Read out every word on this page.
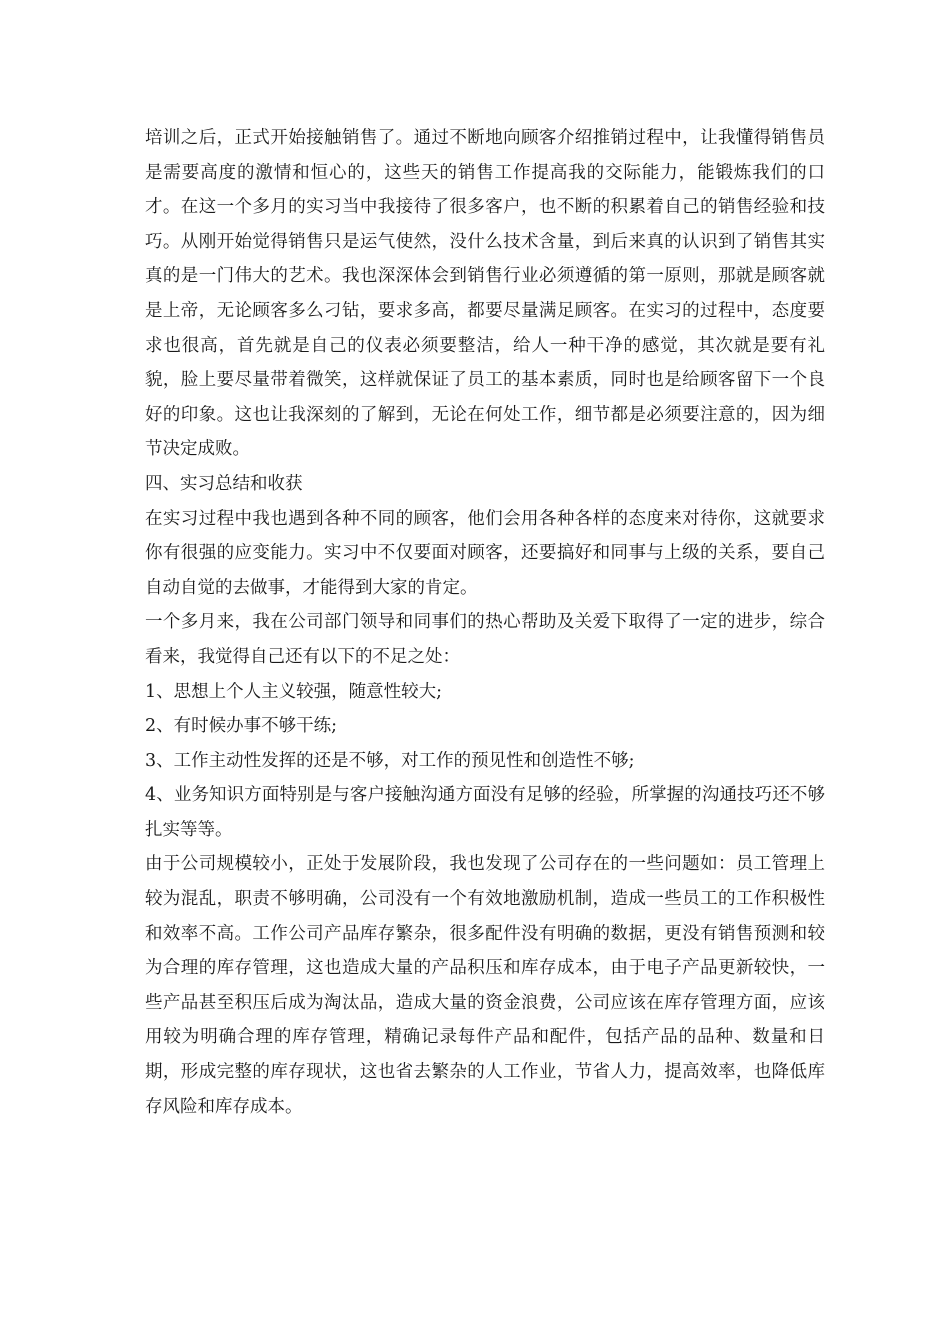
培训之后，正式开始接触销售了。通过不断地向顾客介绍推销过程中，让我懂得销售员是需要高度的激情和恒心的，这些天的销售工作提高我的交际能力，能锻炼我们的口才。在这一个多月的实习当中我接待了很多客户，也不断的积累着自己的销售经验和技巧。从刚开始觉得销售只是运气使然，没什么技术含量，到后来真的认识到了销售其实真的是一门伟大的艺术。我也深深体会到销售行业必须遵循的第一原则，那就是顾客就是上帝，无论顾客多么刁钻，要求多高，都要尽量满足顾客。在实习的过程中，态度要求也很高，首先就是自己的仪表必须要整洁，给人一种干净的感觉，其次就是要有礼貌，脸上要尽量带着微笑，这样就保证了员工的基本素质，同时也是给顾客留下一个良好的印象。这也让我深刻的了解到，无论在何处工作，细节都是必须要注意的，因为细节决定成败。

四、实习总结和收获

在实习过程中我也遇到各种不同的顾客，他们会用各种各样的态度来对待你，这就要求你有很强的应变能力。实习中不仅要面对顾客，还要搞好和同事与上级的关系，要自己自动自觉的去做事，才能得到大家的肯定。

一个多月来，我在公司部门领导和同事们的热心帮助及关爱下取得了一定的进步，综合看来，我觉得自己还有以下的不足之处：

1、思想上个人主义较强，随意性较大;

2、有时候办事不够干练;

3、工作主动性发挥的还是不够，对工作的预见性和创造性不够;

4、业务知识方面特别是与客户接触沟通方面没有足够的经验，所掌握的沟通技巧还不够扎实等等。

由于公司规模较小，正处于发展阶段，我也发现了公司存在的一些问题如：员工管理上较为混乱，职责不够明确，公司没有一个有效地激励机制，造成一些员工的工作积极性和效率不高。工作公司产品库存繁杂，很多配件没有明确的数据，更没有销售预测和较为合理的库存管理，这也造成大量的产品积压和库存成本，由于电子产品更新较快，一些产品甚至积压后成为淘汰品，造成大量的资金浪费，公司应该在库存管理方面，应该用较为明确合理的库存管理，精确记录每件产品和配件，包括产品的品种、数量和日期，形成完整的库存现状，这也省去繁杂的人工作业，节省人力，提高效率，也降低库存风险和库存成本。
